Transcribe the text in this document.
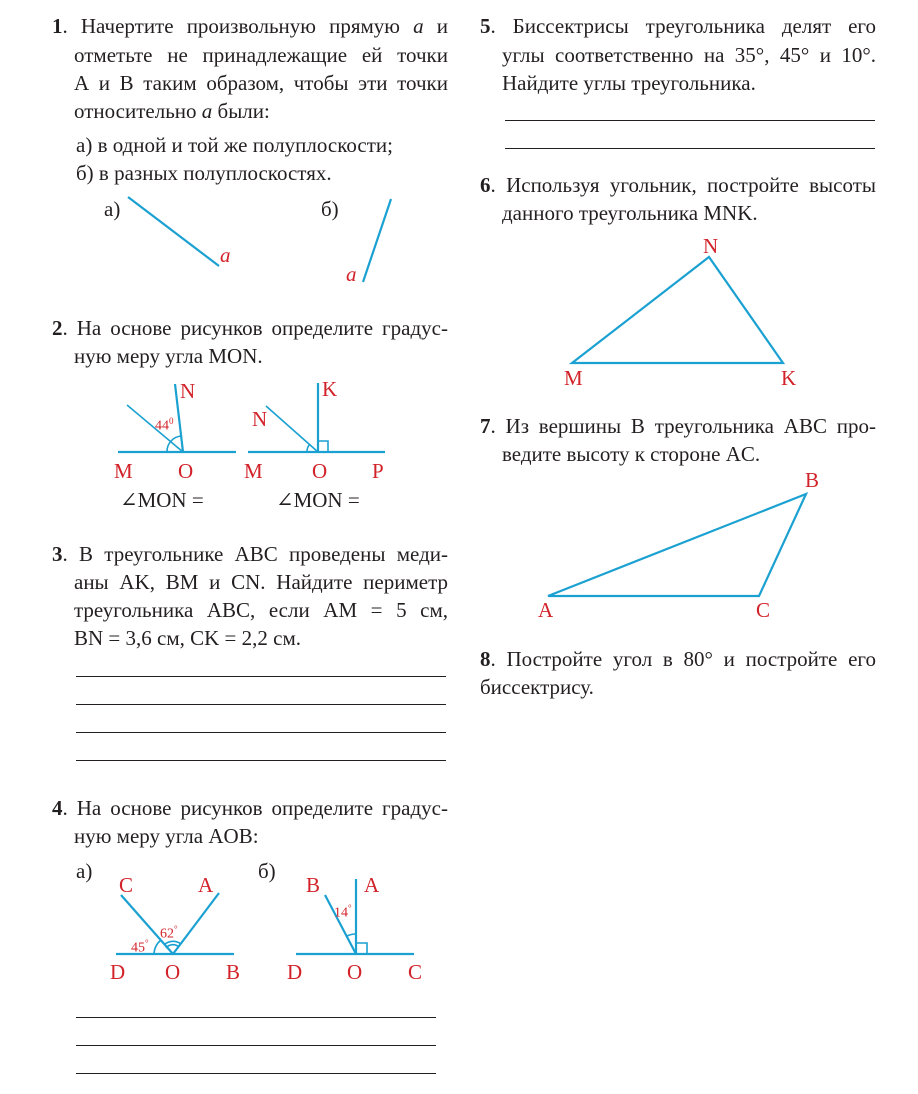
1. Начертите произвольную прямую a и

отметьте не принадлежащие ей точки

А и В таким образом, чтобы эти точки

относительно a были:

а) в одной и той же полуплоскости;

б) в разных полуплоскостях.

а)
a
б)
a

2. На основе рисунков определите градус-

ную меру угла MON.

N
$44^0$
M O
K
N
M O P
∠MON =	∠MON =

3. В треугольнике ABC проведены меди-

аны AK, BM и CN. Найдите периметр

треугольника ABC, если AM = 5 см,

BN = 3,6 см, CK = 2,2 см.

4. На основе рисунков определите градус-

ную меру угла AOB:

а)	б)
C	A
45°
62°
D O B
B A
14°
D O C

5. Биссектрисы треугольника делят его

углы соответственно на 35°, 45° и 10°.

Найдите углы треугольника.

6. Используя угольник, постройте высоты

данного треугольника MNK.

N
M	K

7. Из вершины В треугольника ABC про-

ведите высоту к стороне AC.

B
A	C

8. Постройте угол в 80° и постройте его

биссектрису.
